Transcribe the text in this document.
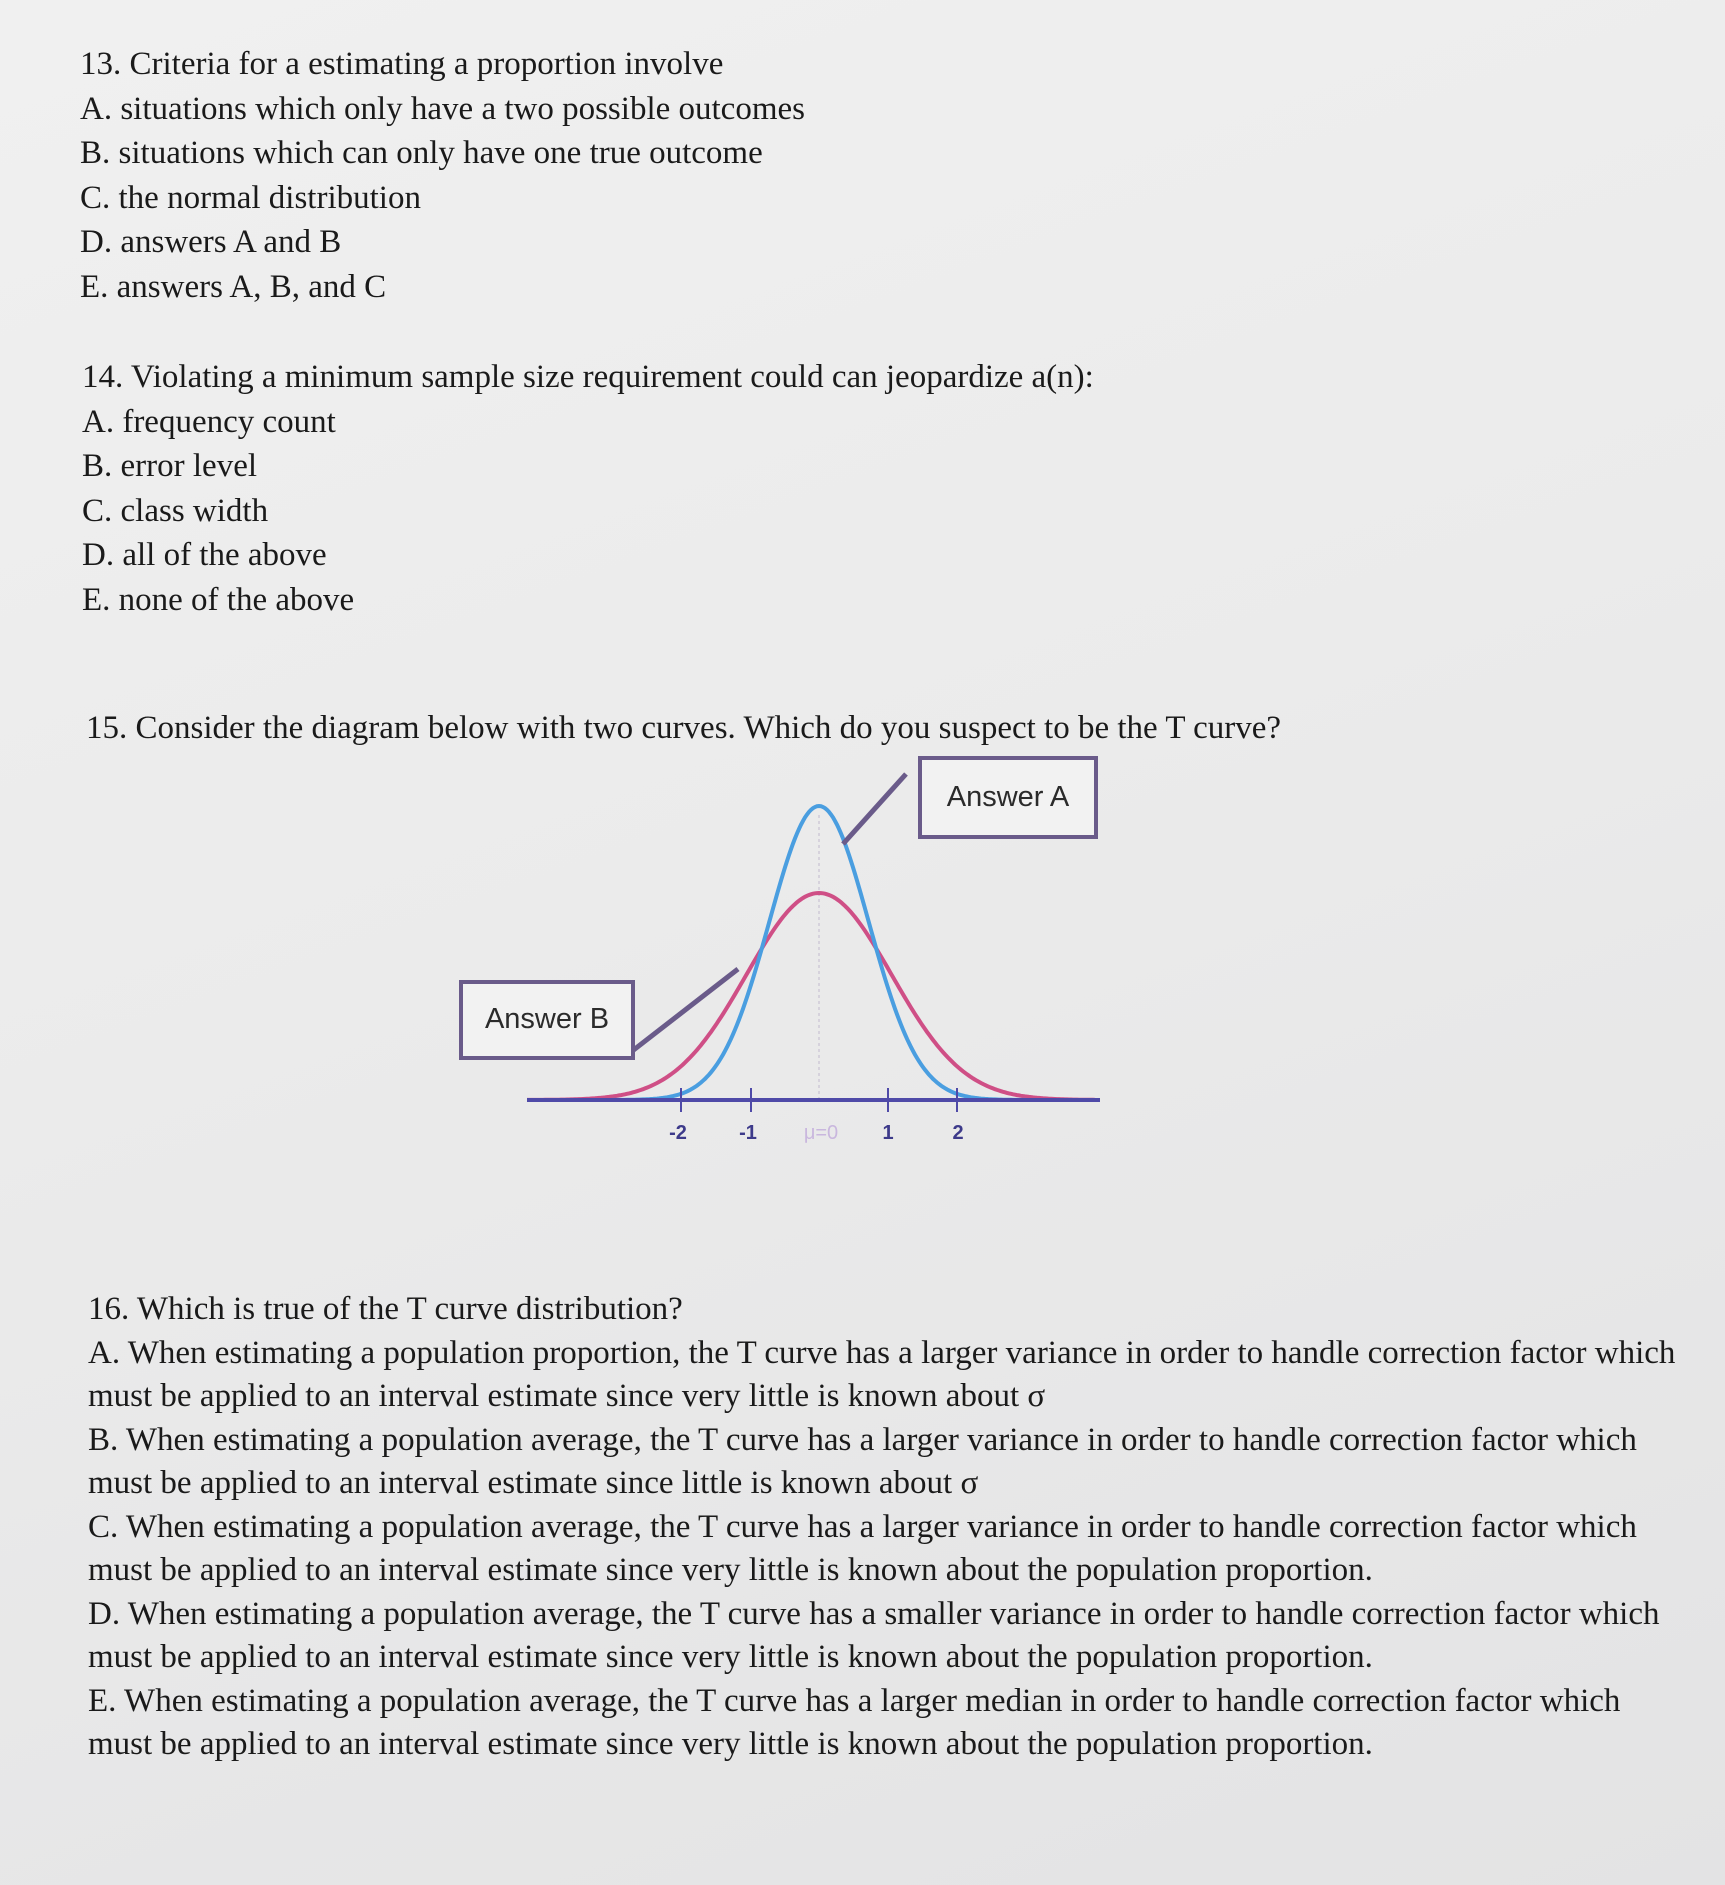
13. Criteria for a estimating a proportion involve

A. situations which only have a two possible outcomes

B. situations which can only have one true outcome

C. the normal distribution

D. answers A and B

E. answers A, B, and C

14. Violating a minimum sample size requirement could can jeopardize a(n):

A. frequency count

B. error level

C. class width

D. all of the above

E. none of the above

15. Consider the diagram below with two curves. Which do you suspect to be the T curve?

-2	-1 μ=0 1	2
Answer A
Answer B

16. Which is true of the T curve distribution?

A. When estimating a population proportion, the T curve has a larger variance in order to handle correction factor which must be applied to an interval estimate since very little is known about σ

B. When estimating a population average, the T curve has a larger variance in order to handle correction factor which must be applied to an interval estimate since little is known about σ

C. When estimating a population average, the T curve has a larger variance in order to handle correction factor which must be applied to an interval estimate since very little is known about the population proportion.

D. When estimating a population average, the T curve has a smaller variance in order to handle correction factor which must be applied to an interval estimate since very little is known about the population proportion.

E. When estimating a population average, the T curve has a larger median in order to handle correction factor which must be applied to an interval estimate since very little is known about the population proportion.
